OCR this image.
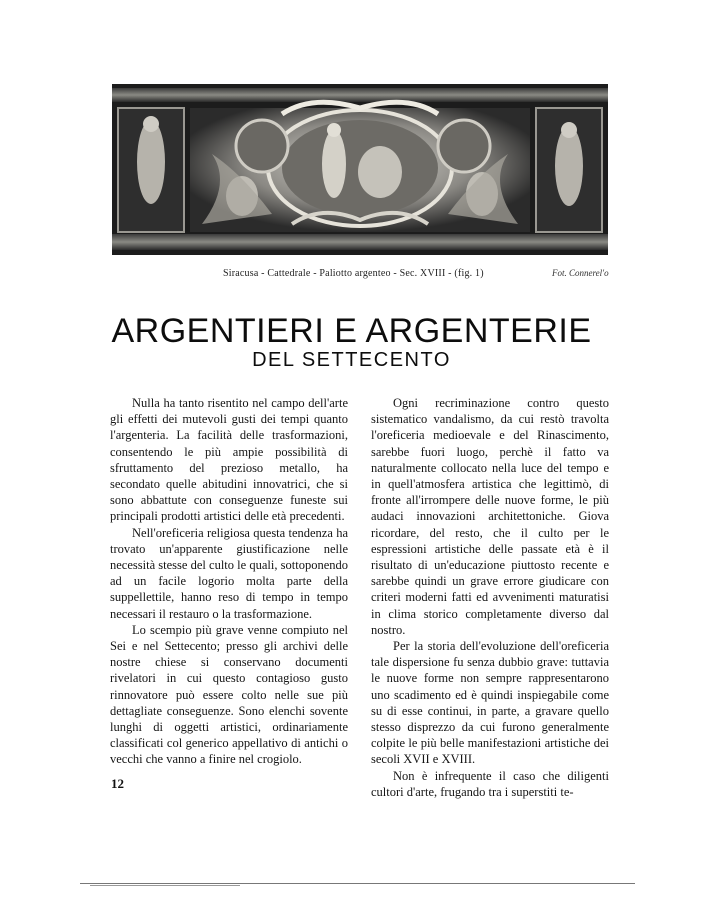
Siracusa - Cattedrale - Paliotto argenteo - Sec. XVIII - (fig. 1)	Fot. Connerel'o
ARGENTIERI E ARGENTERIE
DEL SETTECENTO

Nulla ha tanto risentito nel campo dell'arte gli effetti dei mutevoli gusti dei tempi quanto l'argenteria. La facilità delle trasformazioni, consentendo le più ampie possibilità di sfruttamento del prezioso metallo, ha secondato quelle abitudini innovatrici, che si sono abbattute con conseguenze funeste sui principali prodotti artistici delle età precedenti.

Nell'oreficeria religiosa questa tendenza ha trovato un'apparente giustificazione nelle necessità stesse del culto le quali, sottoponendo ad un facile logorio molta parte della suppellettile, hanno reso di tempo in tempo necessari il restauro o la trasformazione.

Lo scempio più grave venne compiuto nel Sei e nel Settecento; presso gli archivi delle nostre chiese si conservano documenti rivelatori in cui questo contagioso gusto rinnovatore può essere colto nelle sue più dettagliate conseguenze. Sono elenchi sovente lunghi di oggetti artistici, ordinariamente classificati col generico appellativo di antichi o vecchi che vanno a finire nel crogiolo.

Ogni recriminazione contro questo sistematico vandalismo, da cui restò travolta l'oreficeria medioevale e del Rinascimento, sarebbe fuori luogo, perchè il fatto va naturalmente collocato nella luce del tempo e in quell'atmosfera artistica che legittimò, di fronte all'irrompere delle nuove forme, le più audaci innovazioni architettoniche. Giova ricordare, del resto, che il culto per le espressioni artistiche delle passate età è il risultato di un'educazione piuttosto recente e sarebbe quindi un grave errore giudicare con criteri moderni fatti ed avvenimenti maturatisi in clima storico completamente diverso dal nostro.

Per la storia dell'evoluzione dell'oreficeria tale dispersione fu senza dubbio grave: tuttavia le nuove forme non sempre rappresentarono uno scadimento ed è quindi inspiegabile come su di esse continui, in parte, a gravare quello stesso disprezzo da cui furono generalmente colpite le più belle manifestazioni artistiche dei secoli XVII e XVIII.

Non è infrequente il caso che diligenti cultori d'arte, frugando tra i superstiti te-

12
